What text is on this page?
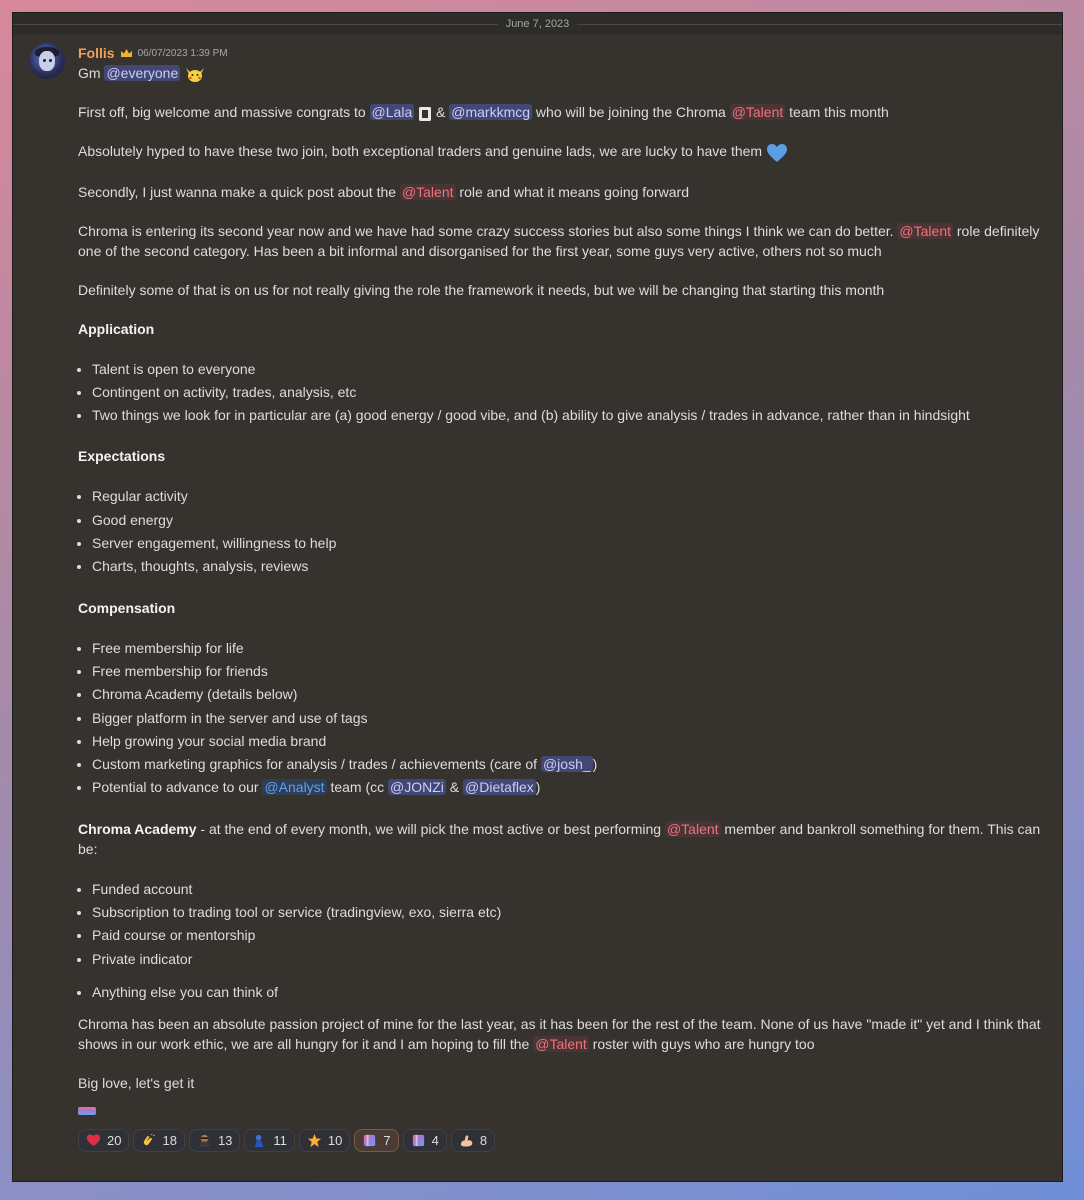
June 7, 2023
Follis 06/07/2023 1:39 PM

Gm @everyone

First off, big welcome and massive congrats to @Lala  & @markkmcg who will be joining the Chroma @Talent team this month

Absolutely hyped to have these two join, both exceptional traders and genuine lads, we are lucky to have them

Secondly, I just wanna make a quick post about the @Talent role and what it means going forward

Chroma is entering its second year now and we have had some crazy success stories but also some things I think we can do better. @Talent role definitely one of the second category. Has been a bit informal and disorganised for the first year, some guys very active, others not so much

Definitely some of that is on us for not really giving the role the framework it needs, but we will be changing that starting this month

Application

• Talent is open to everyone
• Contingent on activity, trades, analysis, etc
• Two things we look for in particular are (a) good energy / good vibe, and (b) ability to give analysis / trades in advance, rather than in hindsight

Expectations

• Regular activity
• Good energy
• Server engagement, willingness to help
• Charts, thoughts, analysis, reviews

Compensation

• Free membership for life
• Free membership for friends
• Chroma Academy (details below)
• Bigger platform in the server and use of tags
• Help growing your social media brand
• Custom marketing graphics for analysis / trades / achievements (care of @josh_ )
• Potential to advance to our @Analyst team (cc @JONZi & @Dietaflex )

Chroma Academy - at the end of every month, we will pick the most active or best performing @Talent member and bankroll something for them. This can be:

• Funded account
• Subscription to trading tool or service (tradingview, exo, sierra etc)
• Paid course or mentorship
• Private indicator
• Anything else you can think of

Chroma has been an absolute passion project of mine for the last year, as it has been for the rest of the team. None of us have "made it" yet and I think that shows in our work ethic, we are all hungry for it and I am hoping to fill the @Talent roster with guys who are hungry too

Big love, let's get it

20	18	13	11	10	7	4	8
